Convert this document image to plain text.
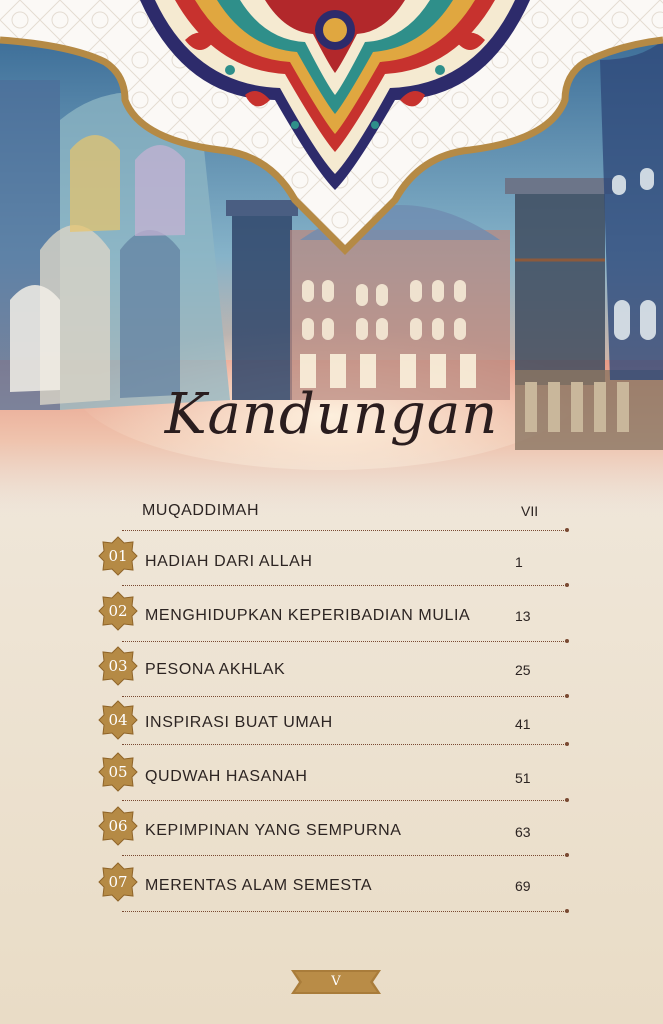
Kandungan
MUQADDIMAH	VII
01	HADIAH DARI ALLAH	1
02	MENGHIDUPKAN KEPERIBADIAN MULIA	13
03	PESONA AKHLAK	25
04	INSPIRASI BUAT UMAH	41
05	QUDWAH HASANAH	51
06	KEPIMPINAN YANG SEMPURNA	63
07	MERENTAS ALAM SEMESTA	69
V
